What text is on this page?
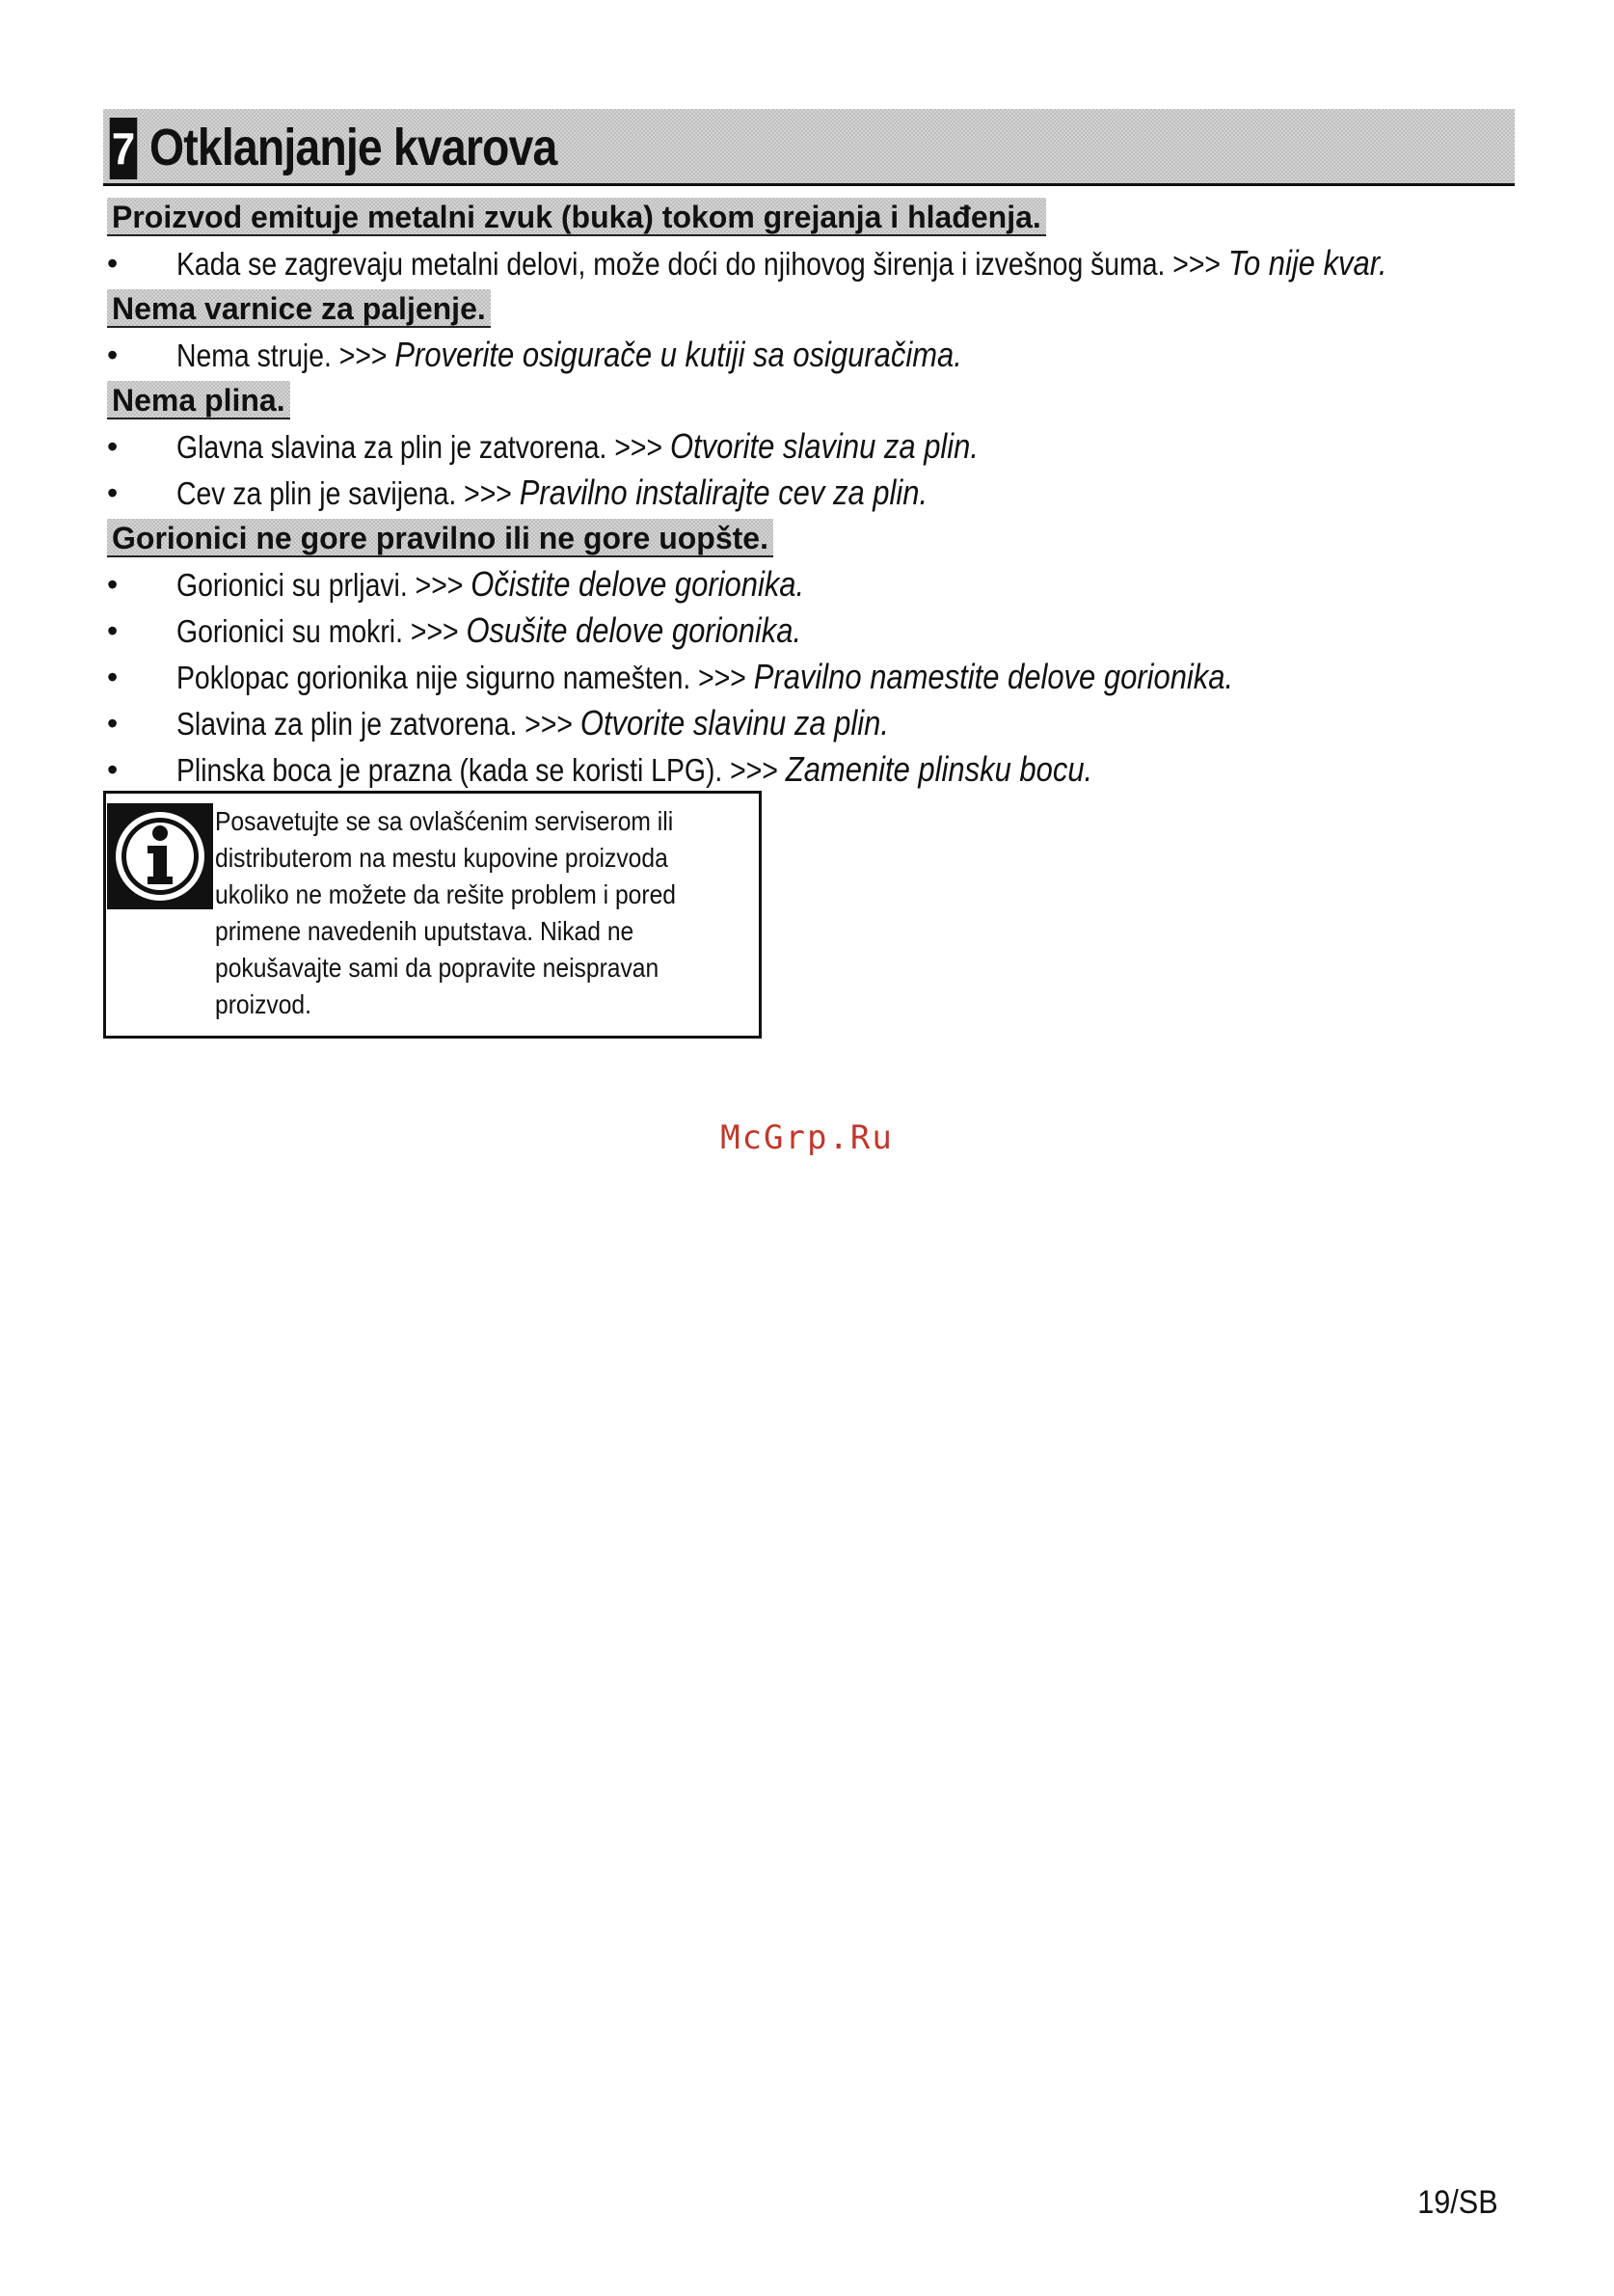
7 Otklanjanje kvarova
Proizvod emituje metalni zvuk (buka) tokom grejanja i hlađenja.
• Kada se zagrevaju metalni delovi, može doći do njihovog širenja i izvešnog šuma. >>> To nije kvar.
Nema varnice za paljenje.
• Nema struje. >>> Proverite osigurače u kutiji sa osiguračima.
Nema plina.
• Glavna slavina za plin je zatvorena. >>> Otvorite slavinu za plin.
• Cev za plin je savijena. >>> Pravilno instalirajte cev za plin.
Gorionici ne gore pravilno ili ne gore uopšte.
• Gorionici su prljavi. >>> Očistite delove gorionika.
• Gorionici su mokri. >>> Osušite delove gorionika.
• Poklopac gorionika nije sigurno namešten. >>> Pravilno namestite delove gorionika.
• Slavina za plin je zatvorena. >>> Otvorite slavinu za plin.
• Plinska boca je prazna (kada se koristi LPG). >>> Zamenite plinsku bocu.
Posavetujte se sa ovlašćenim serviserom ili
distributerom na mestu kupovine proizvoda
ukoliko ne možete da rešite problem i pored
primene navedenih uputstava. Nikad ne
pokušavajte sami da popravite neispravan
proizvod.
McGrp.Ru
19/SB
